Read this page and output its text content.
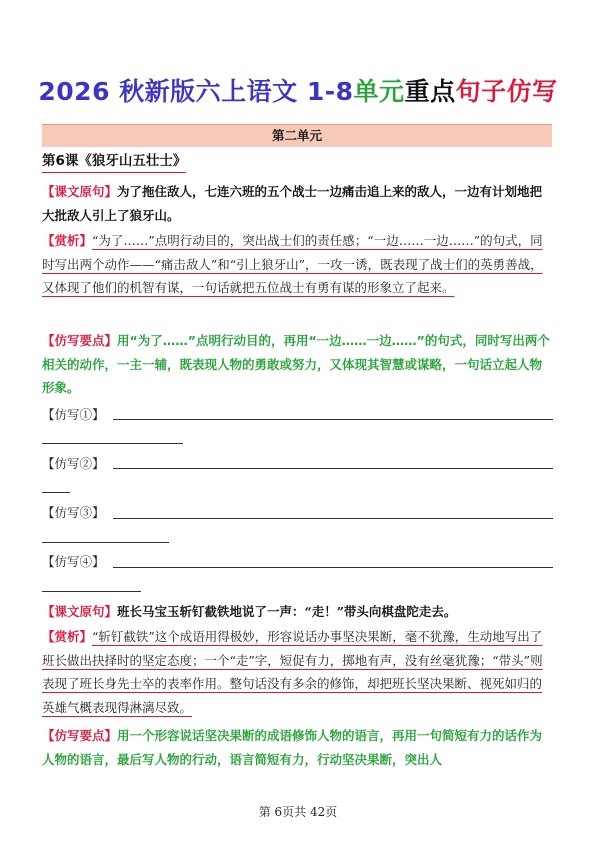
2026 秋新版六上语文 1-8单元重点句子仿写
第二单元
第6课《狼牙山五壮士》
【课文原句】为了拖住敌人，七连六班的五个战士一边痛击追上来的敌人，一边有计划地把大批敌人引上了狼牙山。
【赏析】“为了……”点明行动目的，突出战士们的责任感；“一边……一边……”的句式，同时写出两个动作——“痛击敌人”和“引上狼牙山”，一攻一诱，既表现了战士们的英勇善战，又体现了他们的机智有谋，一句话就把五位战士有勇有谋的形象立了起来。
【仿写要点】用“为了……”点明行动目的，再用“一边……一边……”的句式，同时写出两个相关的动作，一主一辅，既表现人物的勇敢或努力，又体现其智慧或谋略，一句话立起人物形象。
【仿写①】
【仿写②】
【仿写③】
【仿写④】
【课文原句】班长马宝玉斩钉截铁地说了一声：“走！”带头向棋盘陀走去。
【赏析】“斩钉截铁”这个成语用得极妙，形容说话办事坚决果断，毫不犹豫，生动地写出了班长做出抉择时的坚定态度；一个“走”字，短促有力，掷地有声，没有丝毫犹豫；“带头”则表现了班长身先士卒的表率作用。整句话没有多余的修饰，却把班长坚决果断、视死如归的英雄气概表现得淋漓尽致。
【仿写要点】用一个形容说话坚决果断的成语修饰人物的语言，再用一句简短有力的话作为人物的语言，最后写人物的行动，语言简短有力，行动坚决果断，突出人
第 6页共 42页
